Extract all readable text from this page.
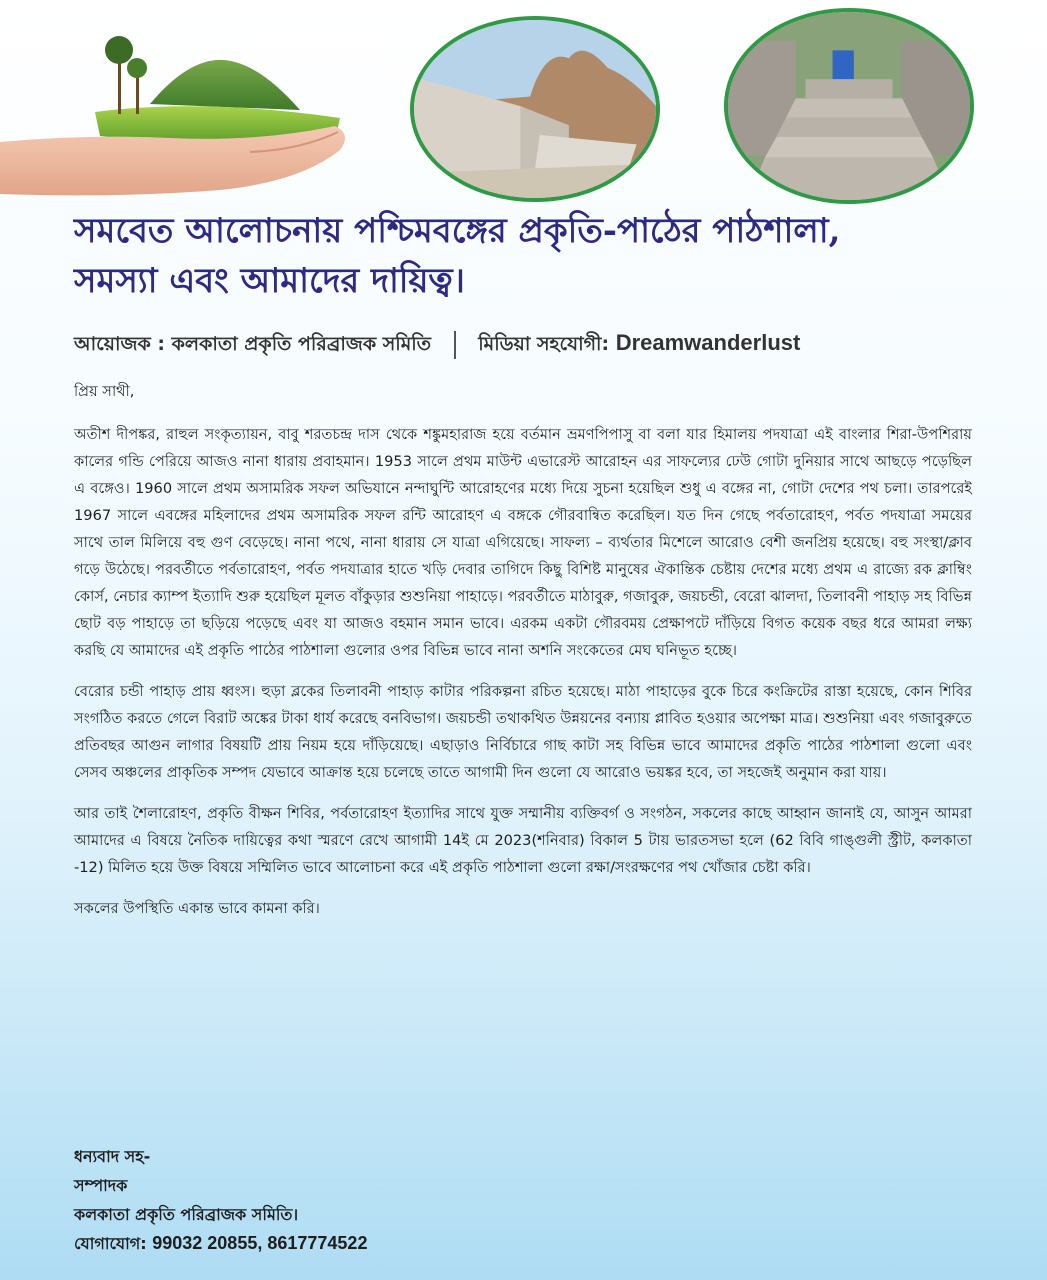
সমবেত আলোচনায় পশ্চিমবঙ্গের প্রকৃতি-পাঠের পাঠশালা,
সমস্যা এবং আমাদের দায়িত্ব।
আয়োজক : কলকাতা প্রকৃতি পরিব্রাজক সমিতি মিডিয়া সহযোগী: Dreamwanderlust

প্রিয় সাথী,

অতীশ দীপঙ্কর, রাহুল সংকৃত্যায়ন, বাবু শরতচন্দ্র দাস থেকে শঙ্কুমহারাজ হয়ে বর্তমান ভ্রমণপিপাসু বা বলা যার হিমালয় পদযাত্রা এই বাংলার শিরা-উপশিরায় কালের গন্ডি পেরিয়ে আজও নানা ধারায় প্রবাহমান। 1953 সালে প্রথম মাউন্ট এভারেস্ট আরোহন এর সাফল্যের ঢেউ গোটা দুনিয়ার সাথে আছড়ে পড়েছিল এ বঙ্গেও। 1960 সালে প্রথম অসামরিক সফল অভিযানে নন্দাঘুন্টি আরোহণের মধ্যে দিয়ে সুচনা হয়েছিল শুধু এ বঙ্গের না, গোটা দেশের পথ চলা। তারপরেই 1967 সালে এবঙ্গের মহিলাদের প্রথম অসামরিক সফল রন্টি আরোহণ এ বঙ্গকে গৌরবান্বিত করেছিল। যত দিন গেছে পর্বতারোহণ, পর্বত পদযাত্রা সময়ের সাথে তাল মিলিয়ে বহু গুণ বেড়েছে। নানা পথে, নানা ধারায় সে যাত্রা এগিয়েছে। সাফল্য – ব্যর্থতার মিশেলে আরোও বেশী জনপ্রিয় হয়েছে। বহু সংস্থা/ক্লাব গড়ে উঠেছে। পরবর্তীতে পর্বতারোহণ, পর্বত পদযাত্রার হাতে খড়ি দেবার তাগিদে কিছু বিশিষ্ট মানুষের ঐকান্তিক চেষ্টায় দেশের মধ্যে প্রথম এ রাজ্যে রক ক্লাম্বিং কোর্স, নেচার ক্যাম্প ইত্যাদি শুরু হয়েছিল মূলত বাঁকুড়ার শুশুনিয়া পাহাড়ে। পরবর্তীতে মাঠাবুরু, গজাবুরু, জয়চন্ডী, বেরো ঝালদা, তিলাবনী পাহাড় সহ বিভিন্ন ছোট বড় পাহাড়ে তা ছড়িয়ে পড়েছে এবং যা আজও বহমান সমান ভাবে। এরকম একটা গৌরবময় প্রেক্ষাপটে দাঁড়িয়ে বিগত কয়েক বছর ধরে আমরা লক্ষ্য করছি যে আমাদের এই প্রকৃতি পাঠের পাঠশালা গুলোর ওপর বিভিন্ন ভাবে নানা অশনি সংকেতের মেঘ ঘনিভূত হচ্ছে।

বেরোর চন্ডী পাহাড় প্রায় ধ্বংস। হুড়া ব্লকের তিলাবনী পাহাড় কাটার পরিকল্পনা রচিত হয়েছে। মাঠা পাহাড়ের বুকে চিরে কংক্রিটের রাস্তা হয়েছে, কোন শিবির সংগঠিত করতে গেলে বিরাট অঙ্কের টাকা ধার্য করেছে বনবিভাগ। জয়চন্ডী তথাকথিত উন্নয়নের বন্যায় প্লাবিত হওয়ার অপেক্ষা মাত্র। শুশুনিয়া এবং গজাবুরুতে প্রতিবছর আগুন লাগার বিষয়টি প্রায় নিয়ম হয়ে দাঁড়িয়েছে। এছাড়াও নির্বিচারে গাছ কাটা সহ বিভিন্ন ভাবে আমাদের প্রকৃতি পাঠের পাঠশালা গুলো এবং সেসব অঞ্চলের প্রাকৃতিক সম্পদ যেভাবে আক্রান্ত হয়ে চলেছে তাতে আগামী দিন গুলো যে আরোও ভয়ঙ্কর হবে, তা সহজেই অনুমান করা যায়।

আর তাই শৈলারোহণ, প্রকৃতি বীক্ষন শিবির, পর্বতারোহণ ইত্যাদির সাথে যুক্ত সম্মানীয় ব্যক্তিবর্গ ও সংগঠন, সকলের কাছে আহ্বান জানাই যে, আসুন আমরা আমাদের এ বিষয়ে নৈতিক দায়িত্বের কথা স্মরণে রেখে আগামী 14ই মে 2023(শনিবার) বিকাল 5 টায় ভারতসভা হলে (62 বিবি গাঙ্গুলী স্ট্রীট, কলকাতা -12) মিলিত হয়ে উক্ত বিষয়ে সম্মিলিত ভাবে আলোচনা করে এই প্রকৃতি পাঠশালা গুলো রক্ষা/সংরক্ষণের পথ খোঁজার চেষ্টা করি।

সকলের উপস্থিতি একান্ত ভাবে কামনা করি।

ধন্যবাদ সহ-
সম্পাদক
কলকাতা প্রকৃতি পরিব্রাজক সমিতি।
যোগাযোগ: 99032 20855, 8617774522
